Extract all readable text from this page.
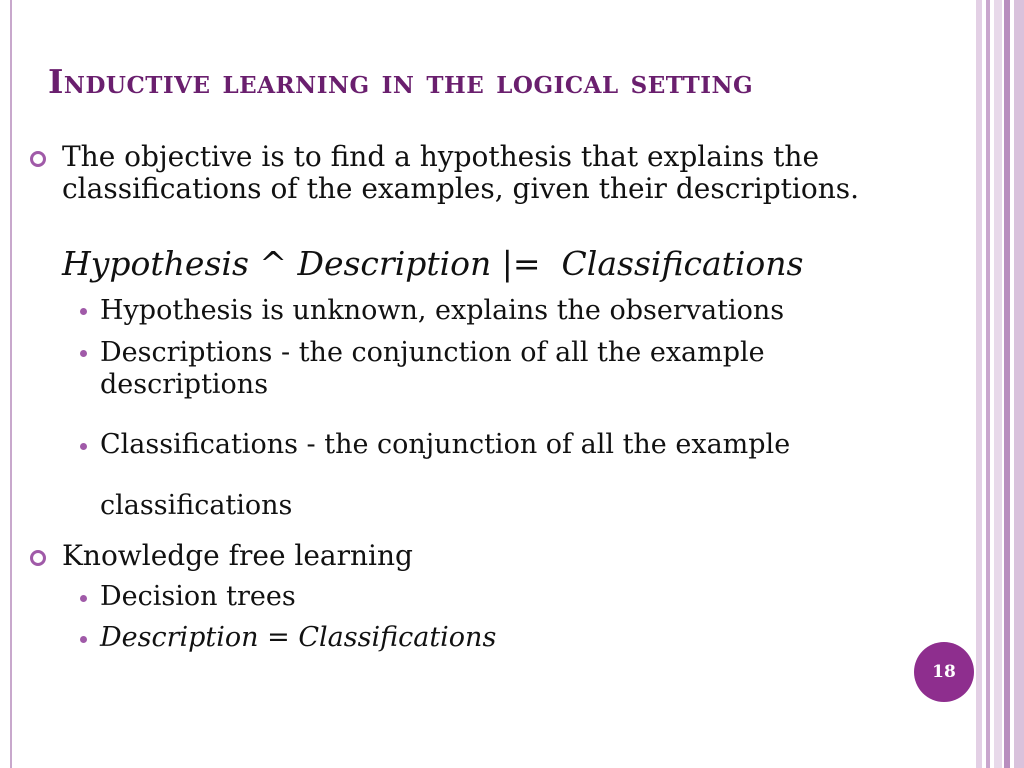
Inductive learning in the logical setting
The objective is to find a hypothesis that explains the classifications of the examples, given their descriptions.
Hypothesis ^ Description |=  Classifications
Hypothesis is unknown, explains the observations
Descriptions - the conjunction of all the example descriptions
Classifications - the conjunction of all the example
classifications
Knowledge free learning
Decision trees
Description = Classifications
18
